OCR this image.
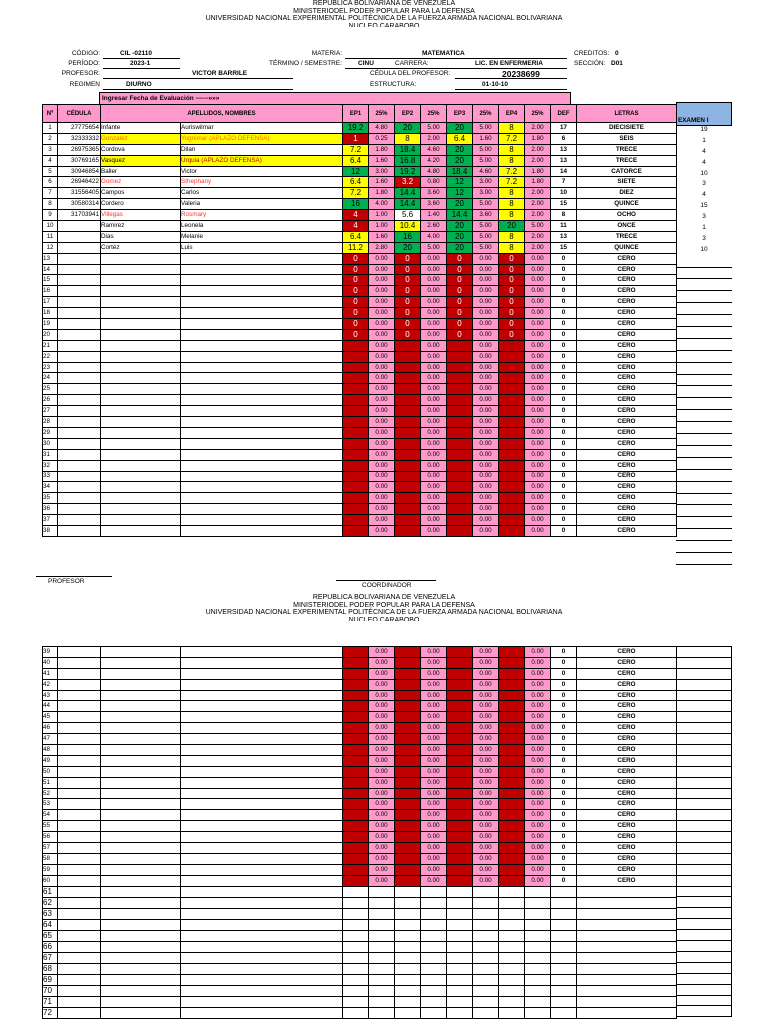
REPUBLICA BOLIVARIANA DE VENEZUELA
MINISTERIODEL PODER POPULAR PARA LA DEFENSA
UNIVERSIDAD NACIONAL EXPERIMENTAL POLITÉCNICA DE LA FUERZA ARMADA NACIONAL BOLIVARIANA
NÚCLEO CARABOBO
CÓDIGO:	CIL -02110
PERÍODO:	2023-1
PROFESOR:	VICTOR BARRILE
REGIMEN	DIURNO
MATERIA:	MATEMATICA
TÉRMINO / SEMESTRE: CINU	CARRERA:	LIC. EN ENFERMERIA
CÉDULA DEL PROFESOR:	20238699
ESTRUCTURA:	01-10-10
CREDITOS: 0
SECCIÓN: D01
Ingresar Fecha de Evaluación ------»»»
EXAMEN I
Nº	CÉDULA	APELLIDOS, NOMBRES		EP1	25%	EP2	25%	EP3	25%	EP4	25%	DEF	LETRAS
1	27775654	Infante	Auriswilmar	19.2	4.80	20	5.00	20	5.00	8	2.00	17	DIECISIETE
2	32333332	Gonzalez	Yognimar (APLAZO DEFENSA)	1	0.25	8	2.00	6.4	1.60	7.2	1.80	6	SEIS
3	26975365	Cordova	Dilan	7.2	1.80	18.4	4.60	20	5.00	8	2.00	13	TRECE
4	30769165	Vasquez	Urquia (APLAZO DEFENSA)	6.4	1.60	16.8	4.20	20	5.00	8	2.00	13	TRECE
5	30946854	Baller	Victor	12	3.00	19.2	4.80	18.4	4.60	7.2	1.80	14	CATORCE
6	26946422	Gomez	Sthephany	6.4	1.60	3.2	0.80	12	3.00	7.2	1.80	7	SIETE
7	31556405	Campos	Carlos	7.2	1.80	14.4	3.60	12	3.00	8	2.00	10	DIEZ
8	30580314	Cordero	Valeria	16	4.00	14.4	3.60	20	5.00	8	2.00	15	QUINCE
9	31703941	Villegas	Rosmary	4	1.00	5.6	1.40	14.4	3.60	8	2.00	8	OCHO
10		Ramirez	Leonela	4	1.00	10.4	2.60	20	5.00	20	5.00	11	ONCE
11		Dias	Melanie	6.4	1.60	16	4.00	20	5.00	8	2.00	13	TRECE
12		Cortéz	Luis	11.2	2.80	20	5.00	20	5.00	8	2.00	15	QUINCE
13				0	0.00	0	0.00	0	0.00	0	0.00	0	CERO
14				0	0.00	0	0.00	0	0.00	0	0.00	0	CERO
15				0	0.00	0	0.00	0	0.00	0	0.00	0	CERO
16				0	0.00	0	0.00	0	0.00	0	0.00	0	CERO
17				0	0.00	0	0.00	0	0.00	0	0.00	0	CERO
18				0	0.00	0	0.00	0	0.00	0	0.00	0	CERO
19				0	0.00	0	0.00	0	0.00	0	0.00	0	CERO
20				0	0.00	0	0.00	0	0.00	0	0.00	0	CERO
21					0.00		0.00		0.00		0.00	0	CERO
22					0.00		0.00		0.00		0.00	0	CERO
23					0.00		0.00		0.00		0.00	0	CERO
24					0.00		0.00		0.00		0.00	0	CERO
25					0.00		0.00		0.00		0.00	0	CERO
26					0.00		0.00		0.00		0.00	0	CERO
27					0.00		0.00		0.00		0.00	0	CERO
28					0.00		0.00		0.00		0.00	0	CERO
29					0.00		0.00		0.00		0.00	0	CERO
30					0.00		0.00		0.00		0.00	0	CERO
31					0.00		0.00		0.00		0.00	0	CERO
32					0.00		0.00		0.00		0.00	0	CERO
33					0.00		0.00		0.00		0.00	0	CERO
34					0.00		0.00		0.00		0.00	0	CERO
35					0.00		0.00		0.00		0.00	0	CERO
36					0.00		0.00		0.00		0.00	0	CERO
37					0.00		0.00		0.00		0.00	0	CERO
38					0.00		0.00		0.00		0.00	0	CERO
19
1
4
4
10
3
4
15
3
1
3
10
PROFESOR
COORDINADOR
REPUBLICA BOLIVARIANA DE VENEZUELA
MINISTERIODEL PODER POPULAR PARA LA DEFENSA
UNIVERSIDAD NACIONAL EXPERIMENTAL POLITÉCNICA DE LA FUERZA ARMADA NACIONAL BOLIVARIANA
NÚCLEO CARABOBO
39					0.00		0.00		0.00		0.00	0	CERO
40					0.00		0.00		0.00		0.00	0	CERO
41					0.00		0.00		0.00		0.00	0	CERO
42					0.00		0.00		0.00		0.00	0	CERO
43					0.00		0.00		0.00		0.00	0	CERO
44					0.00		0.00		0.00		0.00	0	CERO
45					0.00		0.00		0.00		0.00	0	CERO
46					0.00		0.00		0.00		0.00	0	CERO
47					0.00		0.00		0.00		0.00	0	CERO
48					0.00		0.00		0.00		0.00	0	CERO
49					0.00		0.00		0.00		0.00	0	CERO
50					0.00		0.00		0.00		0.00	0	CERO
51					0.00		0.00		0.00		0.00	0	CERO
52					0.00		0.00		0.00		0.00	0	CERO
53					0.00		0.00		0.00		0.00	0	CERO
54					0.00		0.00		0.00		0.00	0	CERO
55					0.00		0.00		0.00		0.00	0	CERO
56					0.00		0.00		0.00		0.00	0	CERO
57					0.00		0.00		0.00		0.00	0	CERO
58					0.00		0.00		0.00		0.00	0	CERO
59					0.00		0.00		0.00		0.00	0	CERO
60					0.00		0.00		0.00		0.00	0	CERO
61													
62													
63													
64													
65													
66													
67													
68													
69													
70													
71													
72													
